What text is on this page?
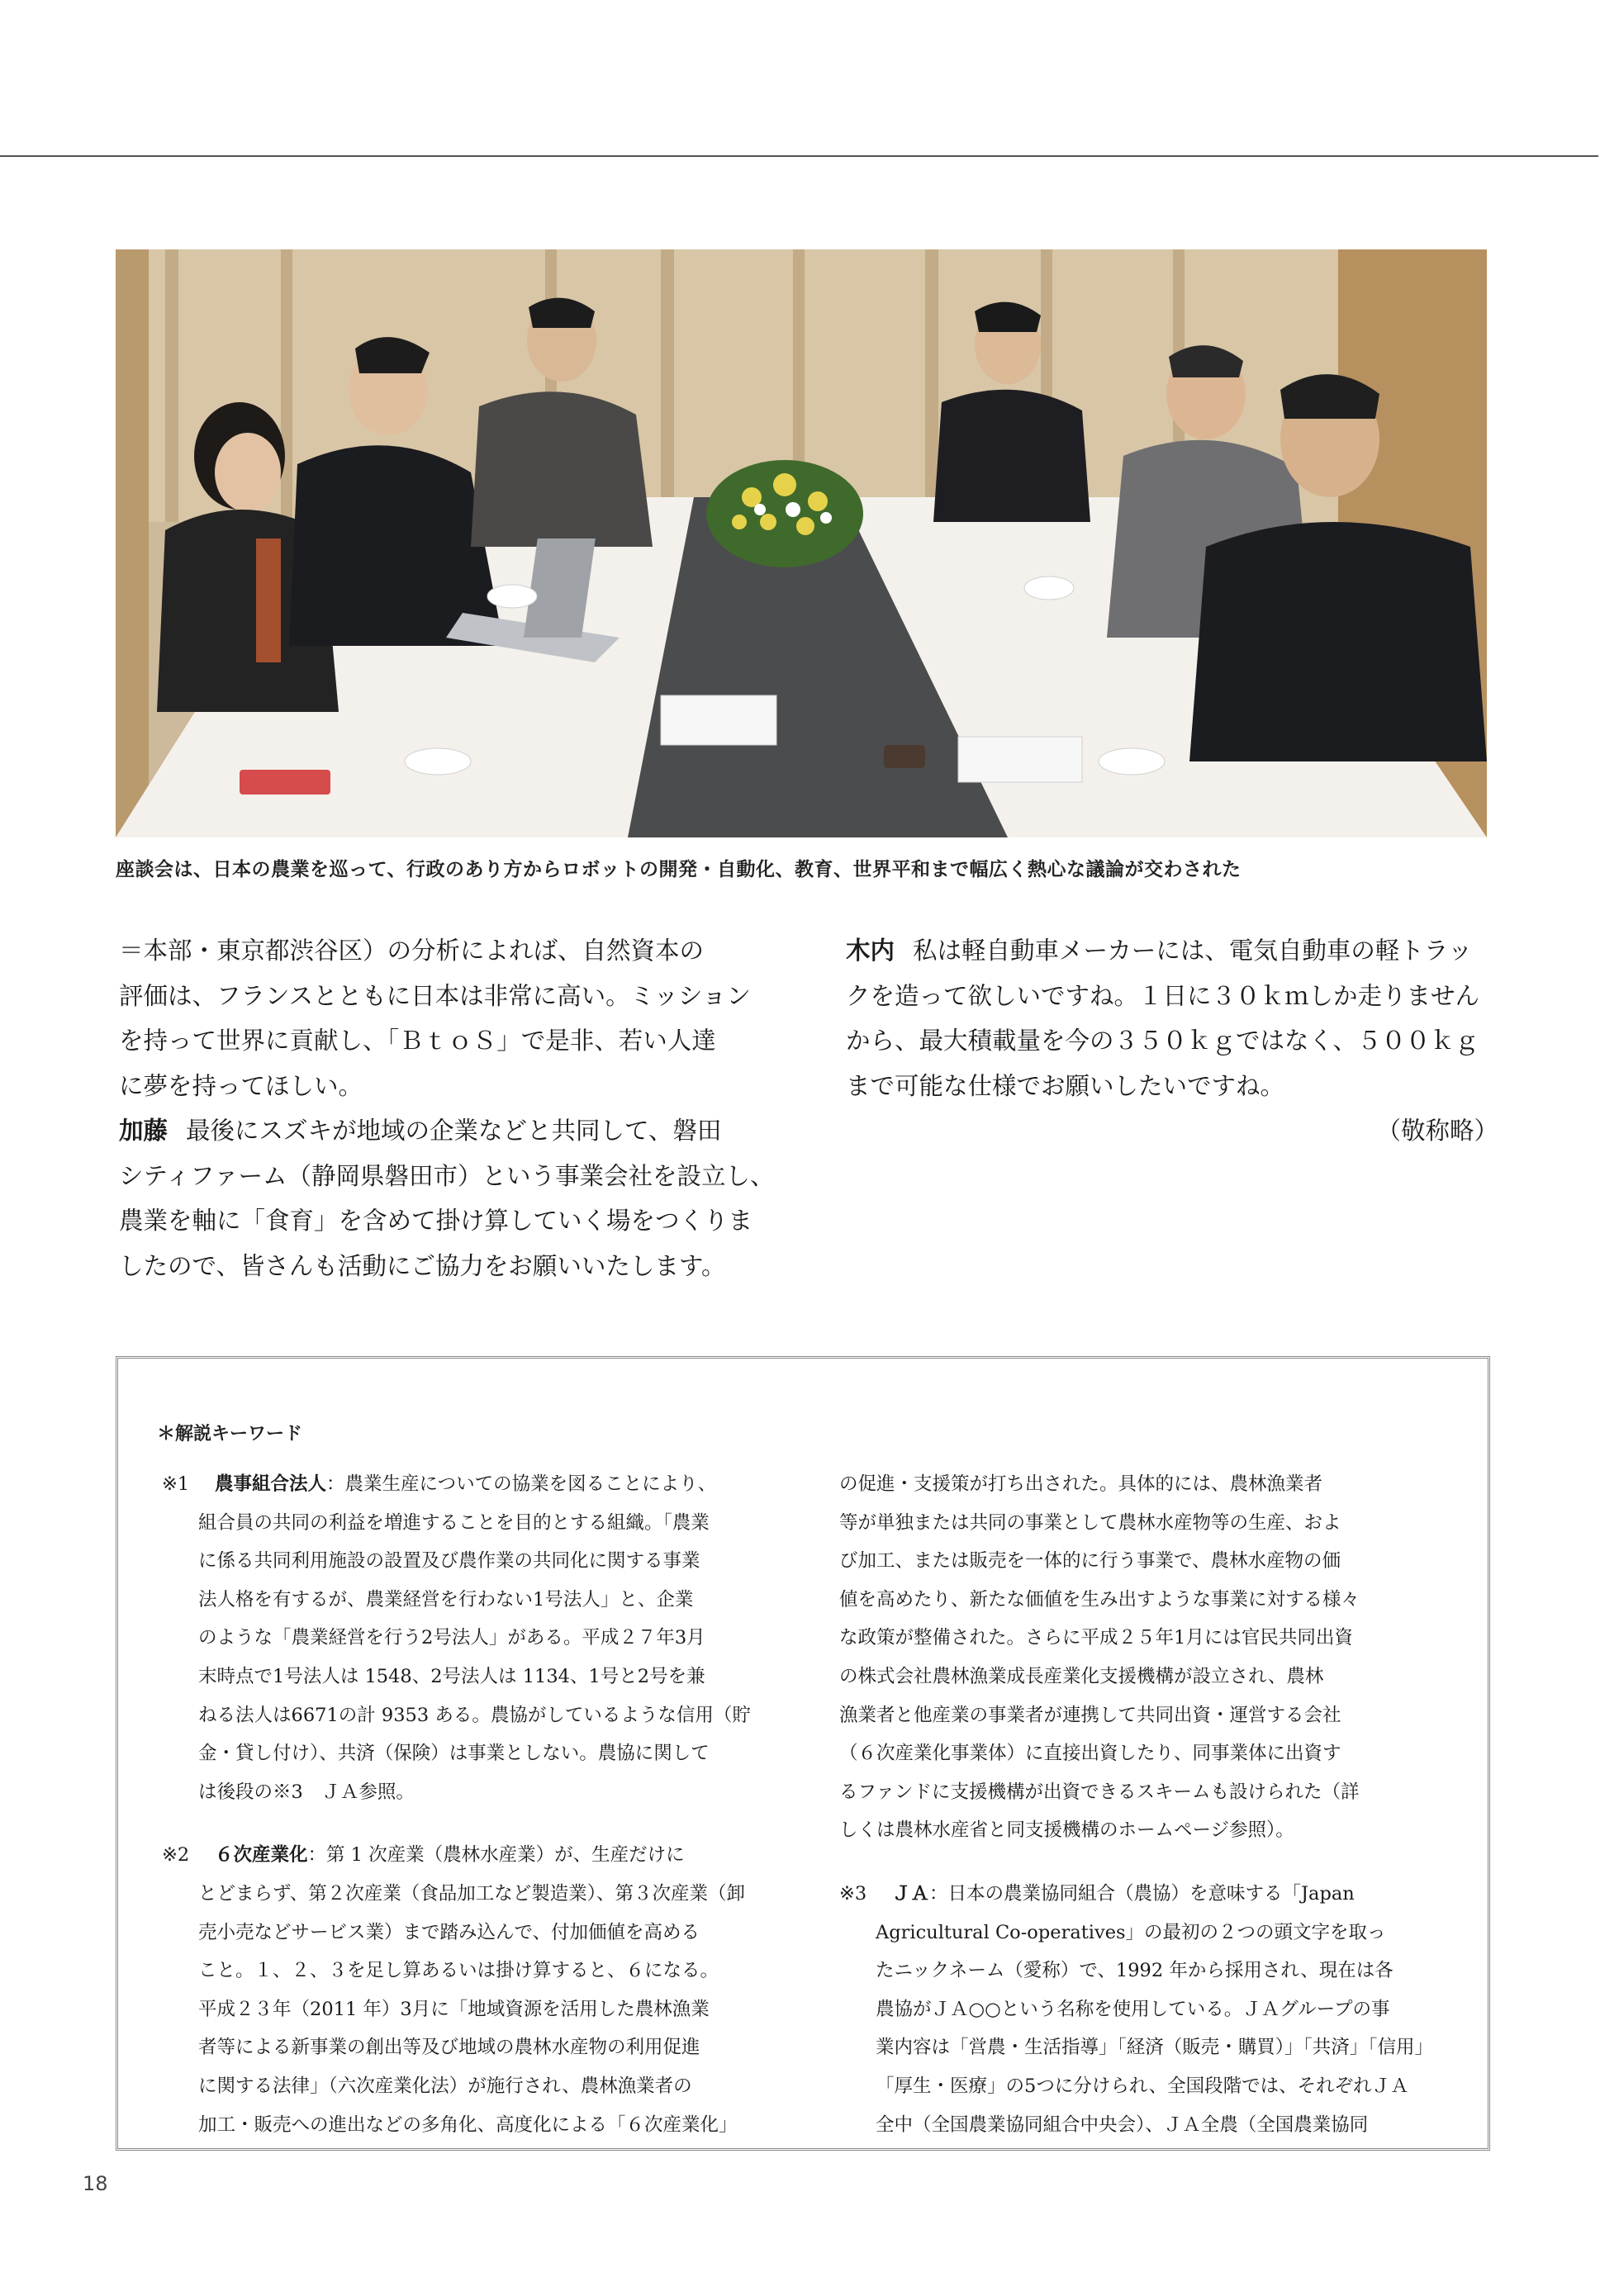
座談会は、日本の農業を巡って、行政のあり方からロボットの開発・自動化、教育、世界平和まで幅広く熱心な議論が交わされた
＝本部・東京都渋谷区）の分析によれば、自然資本の
評価は、フランスとともに日本は非常に高い。ミッション
を持って世界に貢献し、「ＢｔｏＳ」で是非、若い人達
に夢を持ってほしい。
加藤 最後にスズキが地域の企業などと共同して、磐田
シティファーム（静岡県磐田市）という事業会社を設立し、
農業を軸に「食育」を含めて掛け算していく場をつくりま
したので、皆さんも活動にご協力をお願いいたします。
木内 私は軽自動車メーカーには、電気自動車の軽トラッ
クを造って欲しいですね。１日に３０ｋｍしか走りません
から、最大積載量を今の３５０ｋｇではなく、５００ｋｇ
まで可能な仕様でお願いしたいですね。
（敬称略）
＊解説キーワード
※1 農事組合法人：農業生産についての協業を図ることにより、
組合員の共同の利益を増進することを目的とする組織。「農業
に係る共同利用施設の設置及び農作業の共同化に関する事業
法人格を有するが、農業経営を行わない1号法人」と、企業
のような「農業経営を行う2号法人」がある。平成２７年3月
末時点で1号法人は 1548、2号法人は 1134、1号と2号を兼
ねる法人は6671の計 9353 ある。農協がしているような信用（貯
金・貸し付け）、共済（保険）は事業としない。農協に関して
は後段の※3　ＪＡ参照。
※2 ６次産業化：第 1 次産業（農林水産業）が、生産だけに
とどまらず、第２次産業（食品加工など製造業）、第３次産業（卸
売小売などサービス業）まで踏み込んで、付加価値を高める
こと。１、２、３を足し算あるいは掛け算すると、６になる。
平成２３年（2011 年）3月に「地域資源を活用した農林漁業
者等による新事業の創出等及び地域の農林水産物の利用促進
に関する法律」（六次産業化法）が施行され、農林漁業者の
加工・販売への進出などの多角化、高度化による「６次産業化」
の促進・支援策が打ち出された。具体的には、農林漁業者
等が単独または共同の事業として農林水産物等の生産、およ
び加工、または販売を一体的に行う事業で、農林水産物の価
値を高めたり、新たな価値を生み出すような事業に対する様々
な政策が整備された。さらに平成２５年1月には官民共同出資
の株式会社農林漁業成長産業化支援機構が設立され、農林
漁業者と他産業の事業者が連携して共同出資・運営する会社
（６次産業化事業体）に直接出資したり、同事業体に出資す
るファンドに支援機構が出資できるスキームも設けられた（詳
しくは農林水産省と同支援機構のホームページ参照）。
※3 ＪＡ：日本の農業協同組合（農協）を意味する「Japan
Agricultural Co-operatives」の最初の２つの頭文字を取っ
たニックネーム（愛称）で、1992 年から採用され、現在は各
農協がＪＡ○○という名称を使用している。ＪＡグループの事
業内容は「営農・生活指導」「経済（販売・購買）」「共済」「信用」
「厚生・医療」の5つに分けられ、全国段階では、それぞれＪＡ
全中（全国農業協同組合中央会）、ＪＡ全農（全国農業協同
18
